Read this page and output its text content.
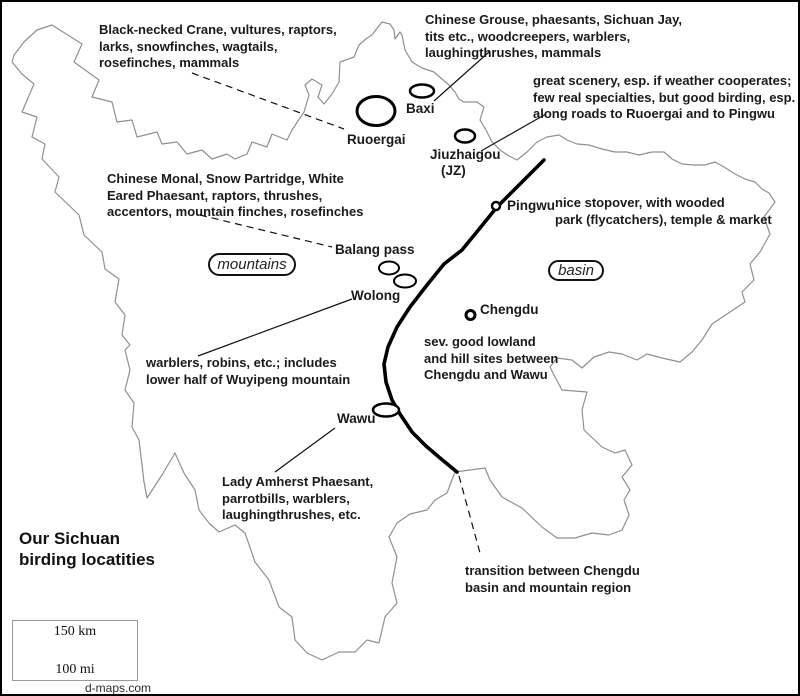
Black-necked Crane, vultures, raptors,
larks, snowfinches, wagtails,
rosefinches, mammals
Chinese Grouse, phaesants, Sichuan Jay,
tits etc., woodcreepers, warblers,
laughingthrushes, mammals
great scenery, esp. if weather cooperates;
few real specialties, but good birding, esp.
along roads to Ruoergai and to Pingwu
nice stopover, with wooded
park (flycatchers), temple & market
Chinese Monal, Snow Partridge, White
Eared Phaesant, raptors, thrushes,
accentors, mountain finches, rosefinches
warblers, robins, etc.; includes
lower half of Wuyipeng mountain
sev. good lowland
and hill sites between
Chengdu and Wawu
Lady Amherst Phaesant,
parrotbills, warblers,
laughingthrushes, etc.
transition between Chengdu
basin and mountain region
Ruoergai
Baxi
Jiuzhaigou
(JZ)
Pingwu
Balang pass
Wolong
Chengdu
Wawu
mountains	basin
Our Sichuan
birding locatities
150 km
100 mi
d-maps.com
